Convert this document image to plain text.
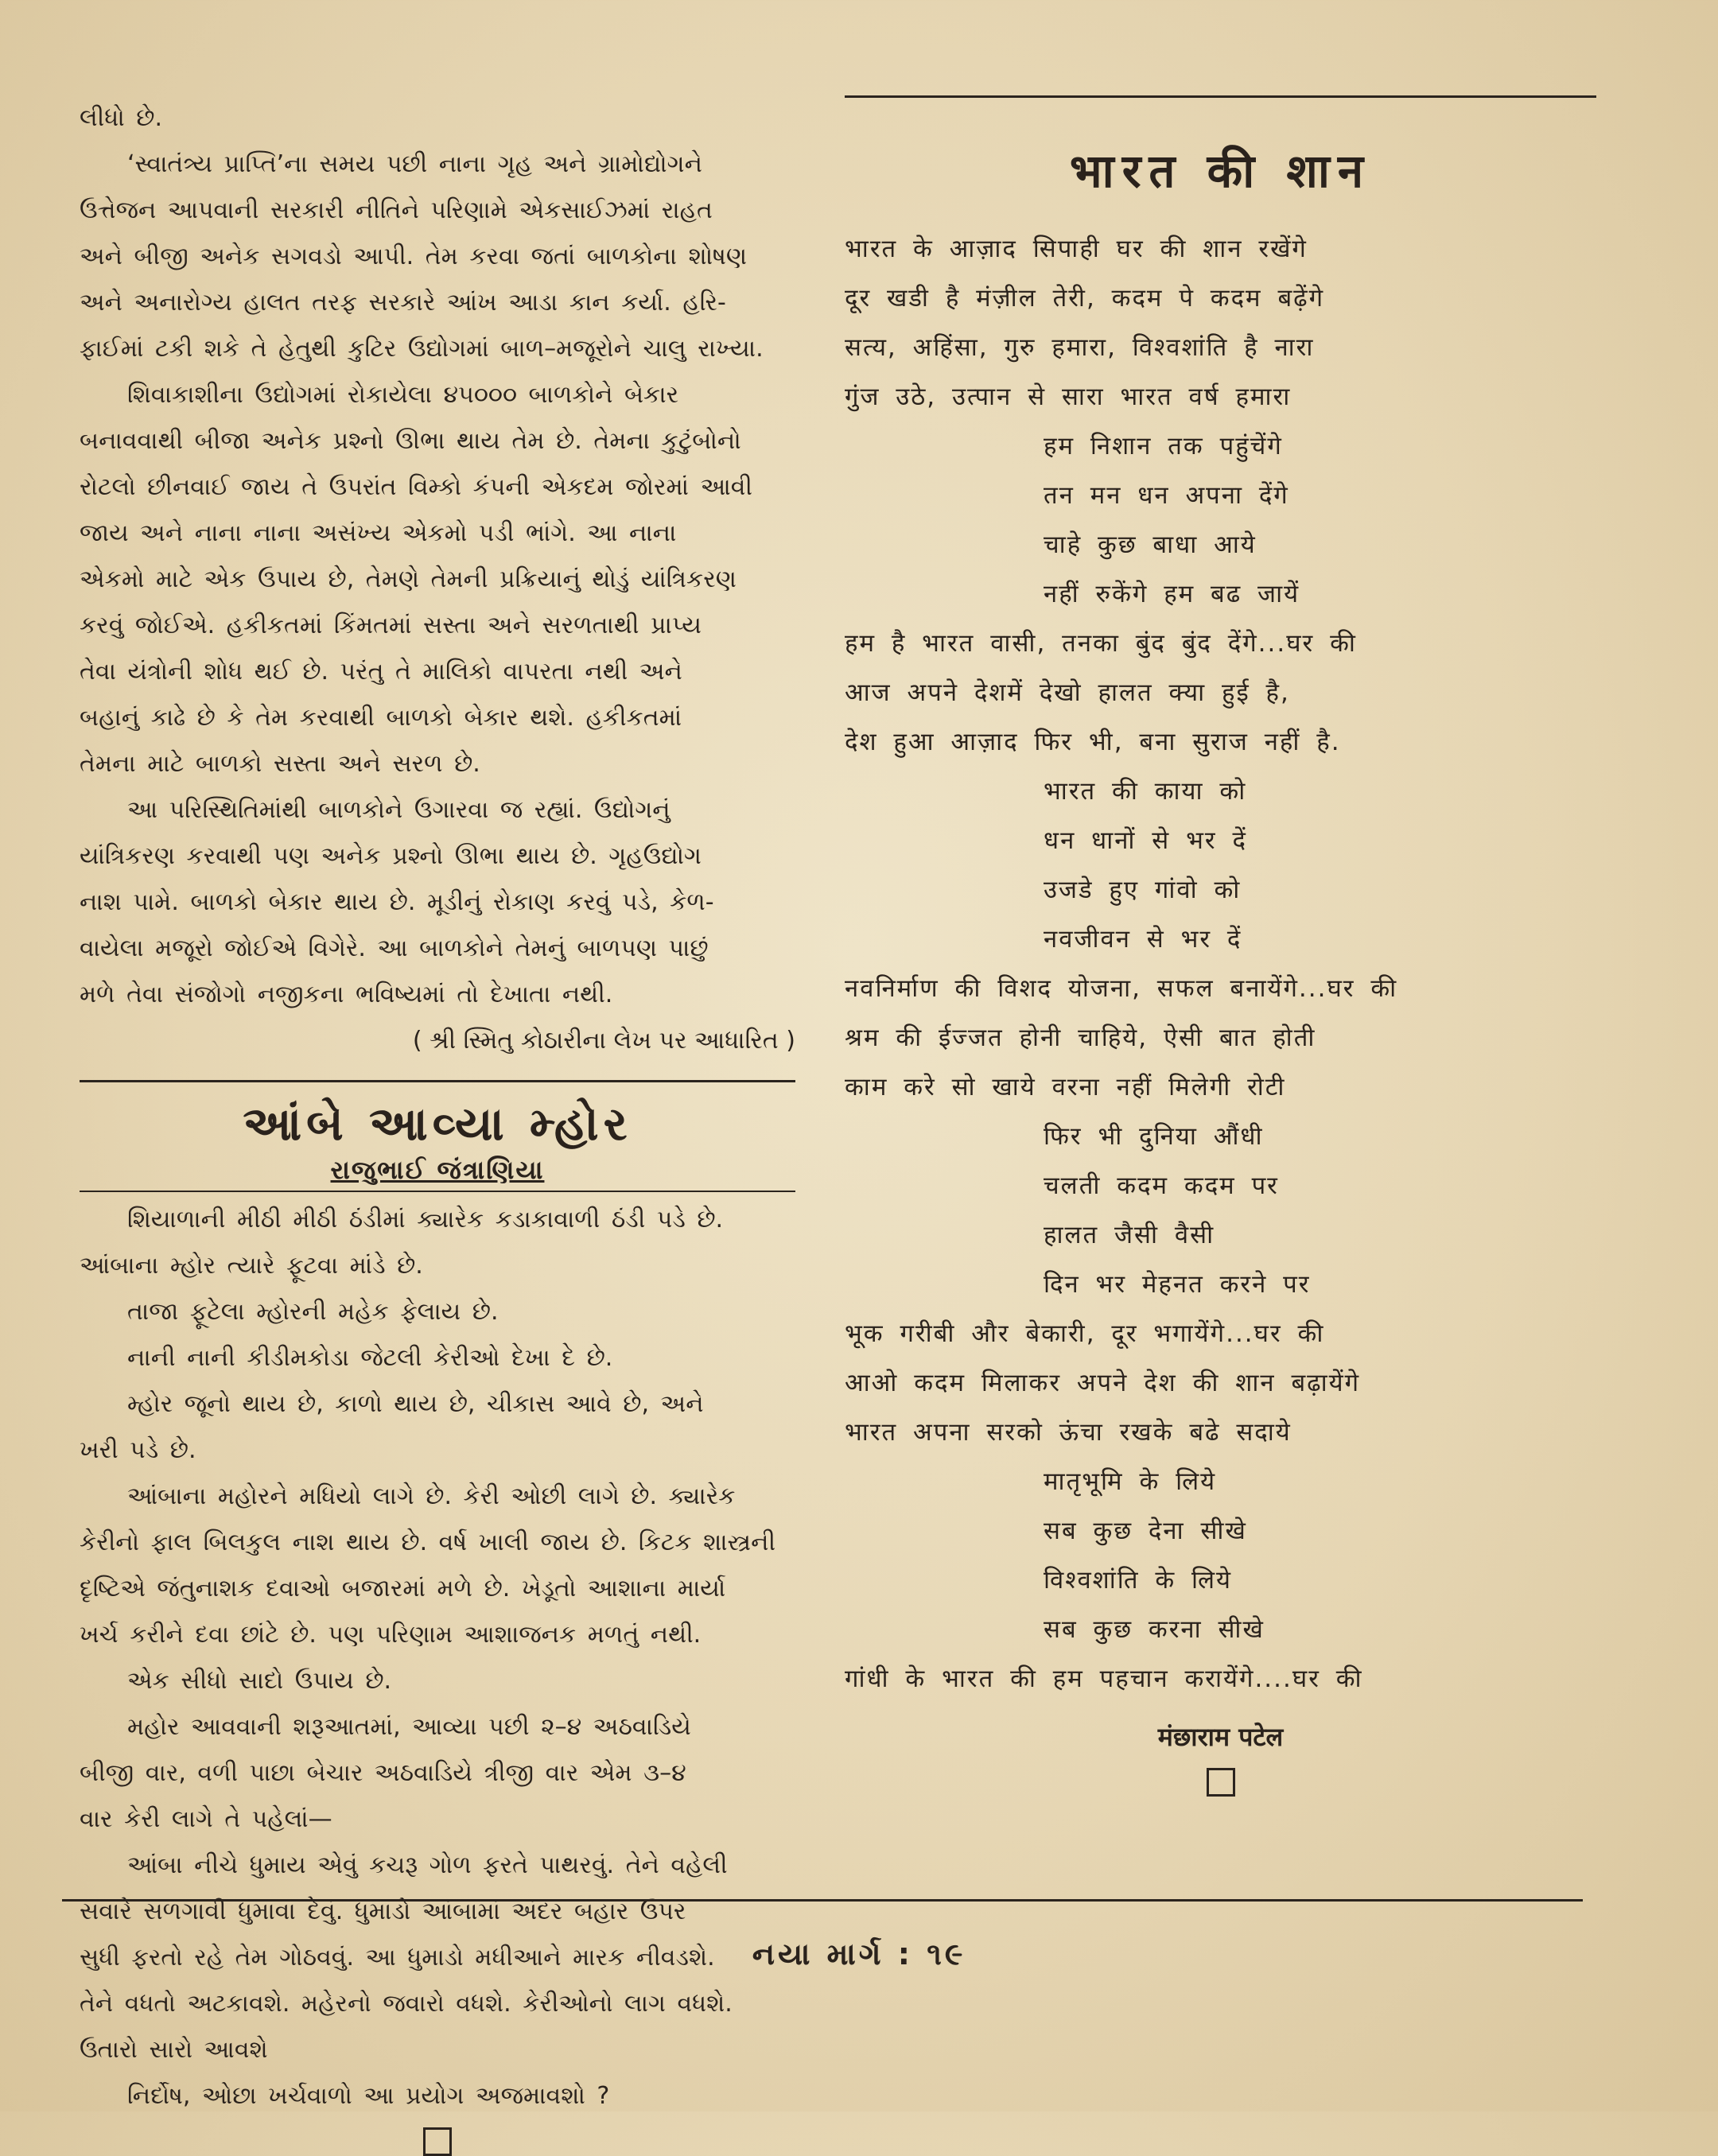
લીધો છે.

‘સ્વાતંત્ર્ય પ્રાપ્તિ’ના સમય પછી નાના ગૃહ અને ગ્રામોદ્યોગને
ઉત્તેજન આપવાની સરકારી નીતિને પરિણામે એકસાઈઝમાં રાહત
અને બીજી અનેક સગવડો આપી. તેમ કરવા જતાં બાળકોના શોષણ
અને અનારોગ્ય હાલત તરફ સરકારે આંખ આડા કાન કર્યા. હરિ-
ફાઈમાં ટકી શકે તે હેતુથી કુટિર ઉદ્યોગમાં બાળ–મજૂરોને ચાલુ રાખ્યા.

શિવાકાશીના ઉદ્યોગમાં રોકાયેલા ૪૫૦૦૦ બાળકોને બેકાર
બનાવવાથી બીજા અનેક પ્રશ્નો ઊભા થાય તેમ છે. તેમના કુટુંબોનો
રોટલો છીનવાઈ જાય તે ઉપરાંત વિમ્કો કંપની એકદમ જોરમાં આવી
જાય અને નાના નાના અસંખ્ય એકમો પડી ભાંગે. આ નાના
એકમો માટે એક ઉપાય છે, તેમણે તેમની પ્રક્રિયાનું થોડું યાંત્રિકરણ
કરવું જોઈએ. હકીકતમાં કિંમતમાં સસ્તા અને સરળતાથી પ્રાપ્ય
તેવા યંત્રોની શોધ થઈ છે. પરંતુ તે માલિકો વાપરતા નથી અને
બહાનું કાઢે છે કે તેમ કરવાથી બાળકો બેકાર થશે. હકીકતમાં
તેમના માટે બાળકો સસ્તા અને સરળ છે.

આ પરિસ્થિતિમાંથી બાળકોને ઉગારવા જ રહ્યાં. ઉદ્યોગનું
યાંત્રિકરણ કરવાથી પણ અનેક પ્રશ્નો ઊભા થાય છે. ગૃહઉદ્યોગ
નાશ પામે. બાળકો બેકાર થાય છે. મૂડીનું રોકાણ કરવું પડે, કેળ-
વાયેલા મજૂરો જોઈએ વિગેરે. આ બાળકોને તેમનું બાળપણ પાછું
મળે તેવા સંજોગો નજીકના ભવિષ્યમાં તો દેખાતા નથી.

( શ્રી સ્મિતુ કોઠારીના લેખ પર આધારિત )

આંબે આવ્યા મ્હોર
રાજુભાઈ જંત્રાણિયા

શિયાળાની મીઠી મીઠી ઠંડીમાં ક્યારેક કડાકાવાળી ઠંડી પડે છે.
આંબાના મ્હોર ત્યારે ફૂટવા માંડે છે.
તાજા ફૂટેલા મ્હોરની મહેક ફેલાય છે.
નાની નાની કીડીમકોડા જેટલી કેરીઓ દેખા દે છે.
મ્હોર જૂનો થાય છે, કાળો થાય છે, ચીકાસ આવે છે, અને
ખરી પડે છે.
આંબાના મહોરને મધિયો લાગે છે. કેરી ઓછી લાગે છે. ક્યારેક
કેરીનો ફાલ બિલકુલ નાશ થાય છે. વર્ષ ખાલી જાય છે. કિટક શાસ્ત્રની
દૃષ્ટિએ જંતુનાશક દવાઓ બજારમાં મળે છે. ખેડૂતો આશાના માર્યા
ખર્ચ કરીને દવા છાંટે છે. પણ પરિણામ આશાજનક મળતું નથી.
એક સીધો સાદો ઉપાય છે.
મહોર આવવાની શરૂઆતમાં, આવ્યા પછી ૨–૪ અઠવાડિયે
બીજી વાર, વળી પાછા બેચાર અઠવાડિયે ત્રીજી વાર એમ ૩–૪
વાર કેરી લાગે તે પહેલાં—
આંબા નીચે ધુમાય એવું કચરૂ ગોળ ફરતે પાથરવું. તેને વહેલી
સવારે સળગાવી ધુમાવા દેવું. ધુમાડો આંબામાં અંદર બહાર ઉપર
સુધી ફરતો રહે તેમ ગોઠવવું. આ ધુમાડો મધીઆને મારક નીવડશે.
તેને વધતો અટકાવશે. મહેરનો જવારો વધશે. કેરીઓનો લાગ વધશે.
ઉતારો સારો આવશે
નિર્દોષ, ઓછા ખર્ચવાળો આ પ્રયોગ અજમાવશો ?

भारत की शान

भारत के आज़ाद सिपाही घर की शान रखेंगे

दूर खडी है मंज़ील तेरी, कदम पे कदम बढ़ेंगे

सत्य, अहिंसा, गुरु हमारा, विश्वशांति है नारा

गुंज उठे, उत्पान से सारा भारत वर्ष हमारा

हम निशान तक पहुंचेंगे

तन मन धन अपना देंगे

चाहे कुछ बाधा आये

नहीं रुकेंगे हम बढ जायें

हम है भारत वासी, तनका बुंद बुंद देंगे...घर की

आज अपने देशमें देखो हालत क्या हुई है,

देश हुआ आज़ाद फिर भी, बना सुराज नहीं है.

भारत की काया को

धन धानों से भर दें

उजडे हुए गांवो को

नवजीवन से भर दें

नवनिर्माण की विशद योजना, सफल बनायेंगे...घर की

श्रम की ईज्जत होनी चाहिये, ऐसी बात होती

काम करे सो खाये वरना नहीं मिलेगी रोटी

फिर भी दुनिया औंधी

चलती कदम कदम पर

हालत जैसी वैसी

दिन भर मेहनत करने पर

भूक गरीबी और बेकारी, दूर भगायेंगे...घर की

आओ कदम मिलाकर अपने देश की शान बढ़ायेंगे

भारत अपना सरको ऊंचा रखके बढे सदाये

मातृभूमि के लिये

सब कुछ देना सीखे

विश्वशांति के लिये

सब कुछ करना सीखे

गांधी के भारत की हम पहचान करायेंगे....घर की

मंछाराम पटेल
નયા માર્ગ : ૧૯
